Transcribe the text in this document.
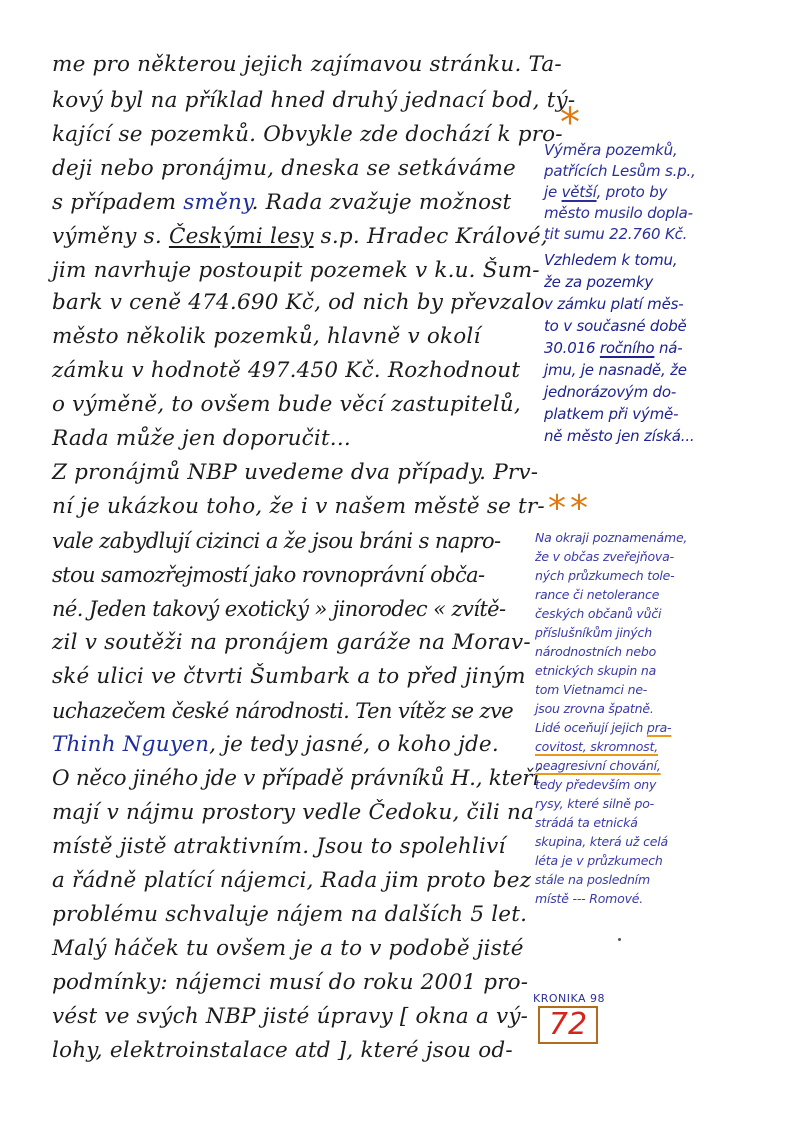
me pro některou jejich zajímavou stránku. Ta-
kový byl na příklad hned druhý jednací bod, tý-
kající se pozemků. Obvykle zde dochází k pro-
deji nebo pronájmu, dneska se setkáváme
s případem směny. Rada zvažuje možnost
výměny s. Českými lesy s.p. Hradec Králové,
jim navrhuje postoupit pozemek v k.u. Šum-
bark v ceně 474.690 Kč, od nich by převzalo
město několik pozemků, hlavně v okolí
zámku v hodnotě 497.450 Kč. Rozhodnout
o výměně, to ovšem bude věcí zastupitelů,
Rada může jen doporučit...
Z pronájmů NBP uvedeme dva případy. Prv-
ní je ukázkou toho, že i v našem městě se tr-
vale zabydlují cizinci a že jsou bráni s napro-
stou samozřejmostí jako rovnoprávní obča-
né. Jeden takový exotický » jinorodec « zvítě-
zil v soutěži na pronájem garáže na Morav-
ské ulici ve čtvrti Šumbark a to před jiným
uchazečem české národnosti. Ten vítěz se zve
Thinh Nguyen, je tedy jasné, o koho jde.
O něco jiného jde v případě právníků H., kteří
mají v nájmu prostory vedle Čedoku, čili na
místě jistě atraktivním. Jsou to spolehliví
a řádně platící nájemci, Rada jim proto bez
problému schvaluje nájem na dalších 5 let.
Malý háček tu ovšem je a to v podobě jisté
podmínky: nájemci musí do roku 2001 pro-
vést ve svých NBP jisté úpravy [ okna a vý-
lohy, elektroinstalace atd ], které jsou od-
*
Výměra pozemků,
patřících Lesům s.p.,
je větší, proto by
město musilo dopla-
tit sumu 22.760 Kč.
Vzhledem k tomu,
že za pozemky
v zámku platí měs-
to v současné době
30.016 ročního ná-
jmu, je nasnadě, že
jednorázovým do-
platkem při výmě-
ně město jen získá...
**
Na okraji poznamenáme,
že v občas zveřejňova-
ných průzkumech tole-
rance či netolerance
českých občanů vůči
příslušníkům jiných
národnostních nebo
etnických skupin na
tom Vietnamci ne-
jsou zrovna špatně.
Lidé oceňují jejich pra-
covitost, skromnost,
neagresivní chování,
tedy především ony
rysy, které silně po-
strádá ta etnická
skupina, která už celá
léta je v průzkumech
stále na posledním
místě --- Romové.
KRONIKA 98
72
